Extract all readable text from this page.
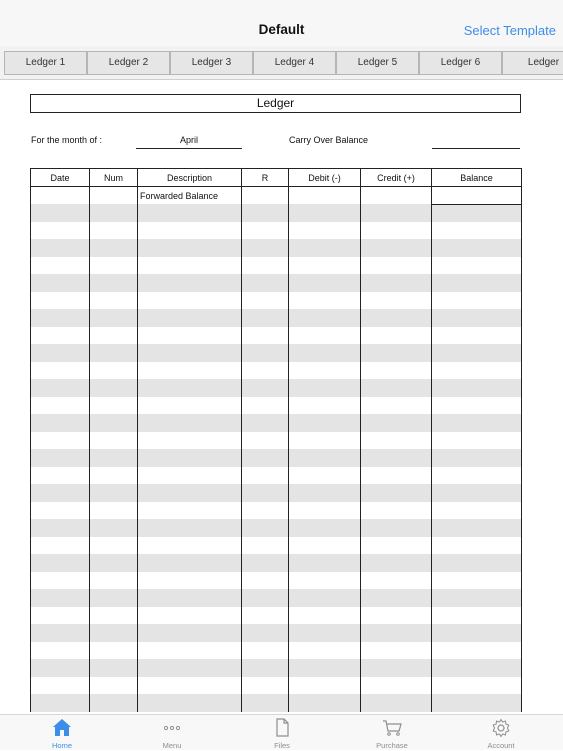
Default	Select Template
Ledger 1	Ledger 2	Ledger 3	Ledger 4	Ledger 5	Ledger 6	Ledger
Ledger
For the month of :	April	Carry Over Balance
Date	Num	Description	R	Debit (-)	Credit (+)	Balance
		Forwarded Balance				

Home	Menu	Files	Purchase	Account
